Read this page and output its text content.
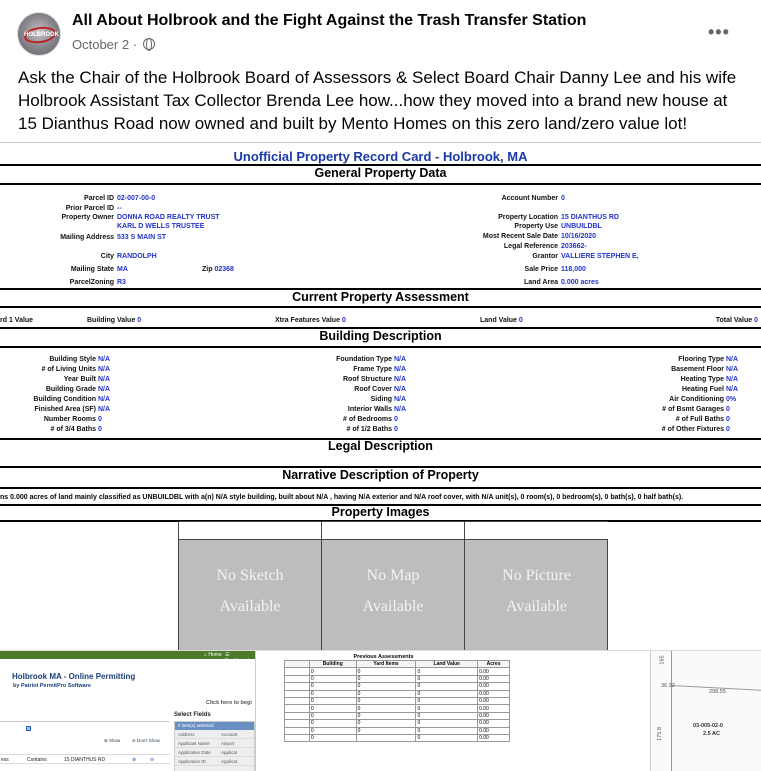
HOLBROOK
All About Holbrook and the Fight Against the Trash Transfer Station
October 2 ·
•••
Ask the Chair of the Holbrook Board of Assessors & Select Board Chair Danny Lee and his wife Holbrook Assistant Tax Collector Brenda Lee how...how they moved into a brand new house at 15 Dianthus Road now owned and built by Mento Homes on this zero land/zero value lot!
Unofficial Property Record Card - Holbrook, MA
General Property Data
Zip 02368
Current Property Assessment
Building Description
Legal Description
Narrative Description of Property
ns 0.000 acres of land mainly classified as UNBUILDBL with a(n) N/A style building, built about N/A , having N/A exterior and N/A roof cover, with N/A unit(s), 0 room(s), 0 bedroom(s), 0 bath(s), 0 half bath(s).
Property Images
No Sketch
Available
No Map
Available
No Picture
Available
Parcel ID 02-007-00-0
Prior Parcel ID --
Property Owner DONNA ROAD REALTY TRUST
KARL D WELLS TRUSTEE
Mailing Address 533 S MAIN ST
City RANDOLPH
Mailing State MA
ParcelZoning R3
Account Number 0
Property Location 15 DIANTHUS RD
Property Use UNBUILDBL
Most Recent Sale Date 10/16/2020
Legal Reference 203662-
Grantor VALLIERE STEPHEN E,
Sale Price 118,000
Land Area 0.000 acres
rd 1 Value	Building Value 0	Xtra Features Value 0	Land Value 0	Total Value 0
Building Style N/A
# of Living Units N/A
Year Built N/A
Building Grade N/A
Building Condition N/A
Finished Area (SF) N/A
Number Rooms 0
# of 3/4 Baths 0
Foundation Type N/A
Frame Type N/A
Roof Structure N/A
Roof Cover N/A
Siding N/A
Interior Walls N/A
# of Bedrooms 0
# of 1/2 Baths 0
Flooring Type N/A
Basement Floor N/A
Heating Type N/A
Heating Fuel N/A
Air Conditioning 0%
# of Bsmt Garages 0
# of Full Baths 0
# of Other Fixtures 0
⌂ Home ☰ Dashboard
Holbrook MA - Online Permitting
by Patriot PermitPro Software
Click here to begi
Select Fields
⊕ Show	⊖ Don't Show
ess	Contains	15 DIANTHUS RD	⊕	⊖
# item(s) selected
Address	Account
Applicant Name Airport
Application Date Applicat
Application ID	Applicat
Previous Assessments
	Building	Yard Items	Land Value	Acres
	0	0	0	0.00
	0	0	0	0.00
	0	0	0	0.00
	0	0	0	0.00
	0	0	0	0.00
	0	0	0	0.00
	0	0	0	0.00
	0	0	0	0.00
	0	0	0	0.00
	0		0	0.00
165
36.32
298.55
03-005-02-0
2.5 AC
175.8
